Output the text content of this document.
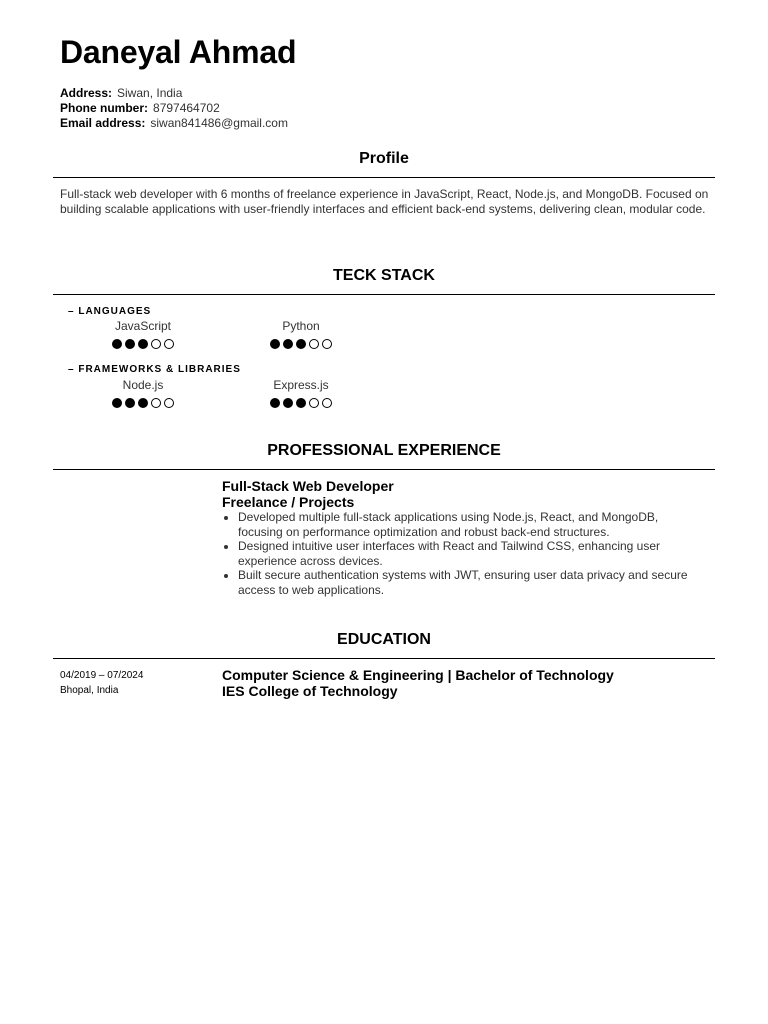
Daneyal Ahmad
Address: Siwan, India
Phone number: 8797464702
Email address: siwan841486@gmail.com
Profile
Full-stack web developer with 6 months of freelance experience in JavaScript, React, Node.js, and MongoDB. Focused on building scalable applications with user-friendly interfaces and efficient back-end systems, delivering clean, modular code.
TECK STACK
– LANGUAGES
JavaScript	Python
– FRAMEWORKS & LIBRARIES
Node.js	Express.js
PROFESSIONAL EXPERIENCE
Full-Stack Web Developer
Freelance / Projects
• Developed multiple full-stack applications using Node.js, React, and MongoDB, focusing on performance optimization and robust back-end structures.
• Designed intuitive user interfaces with React and Tailwind CSS, enhancing user experience across devices.
• Built secure authentication systems with JWT, ensuring user data privacy and secure access to web applications.
EDUCATION
04/2019 – 07/2024
Bhopal, India
Computer Science & Engineering | Bachelor of Technology
IES College of Technology
